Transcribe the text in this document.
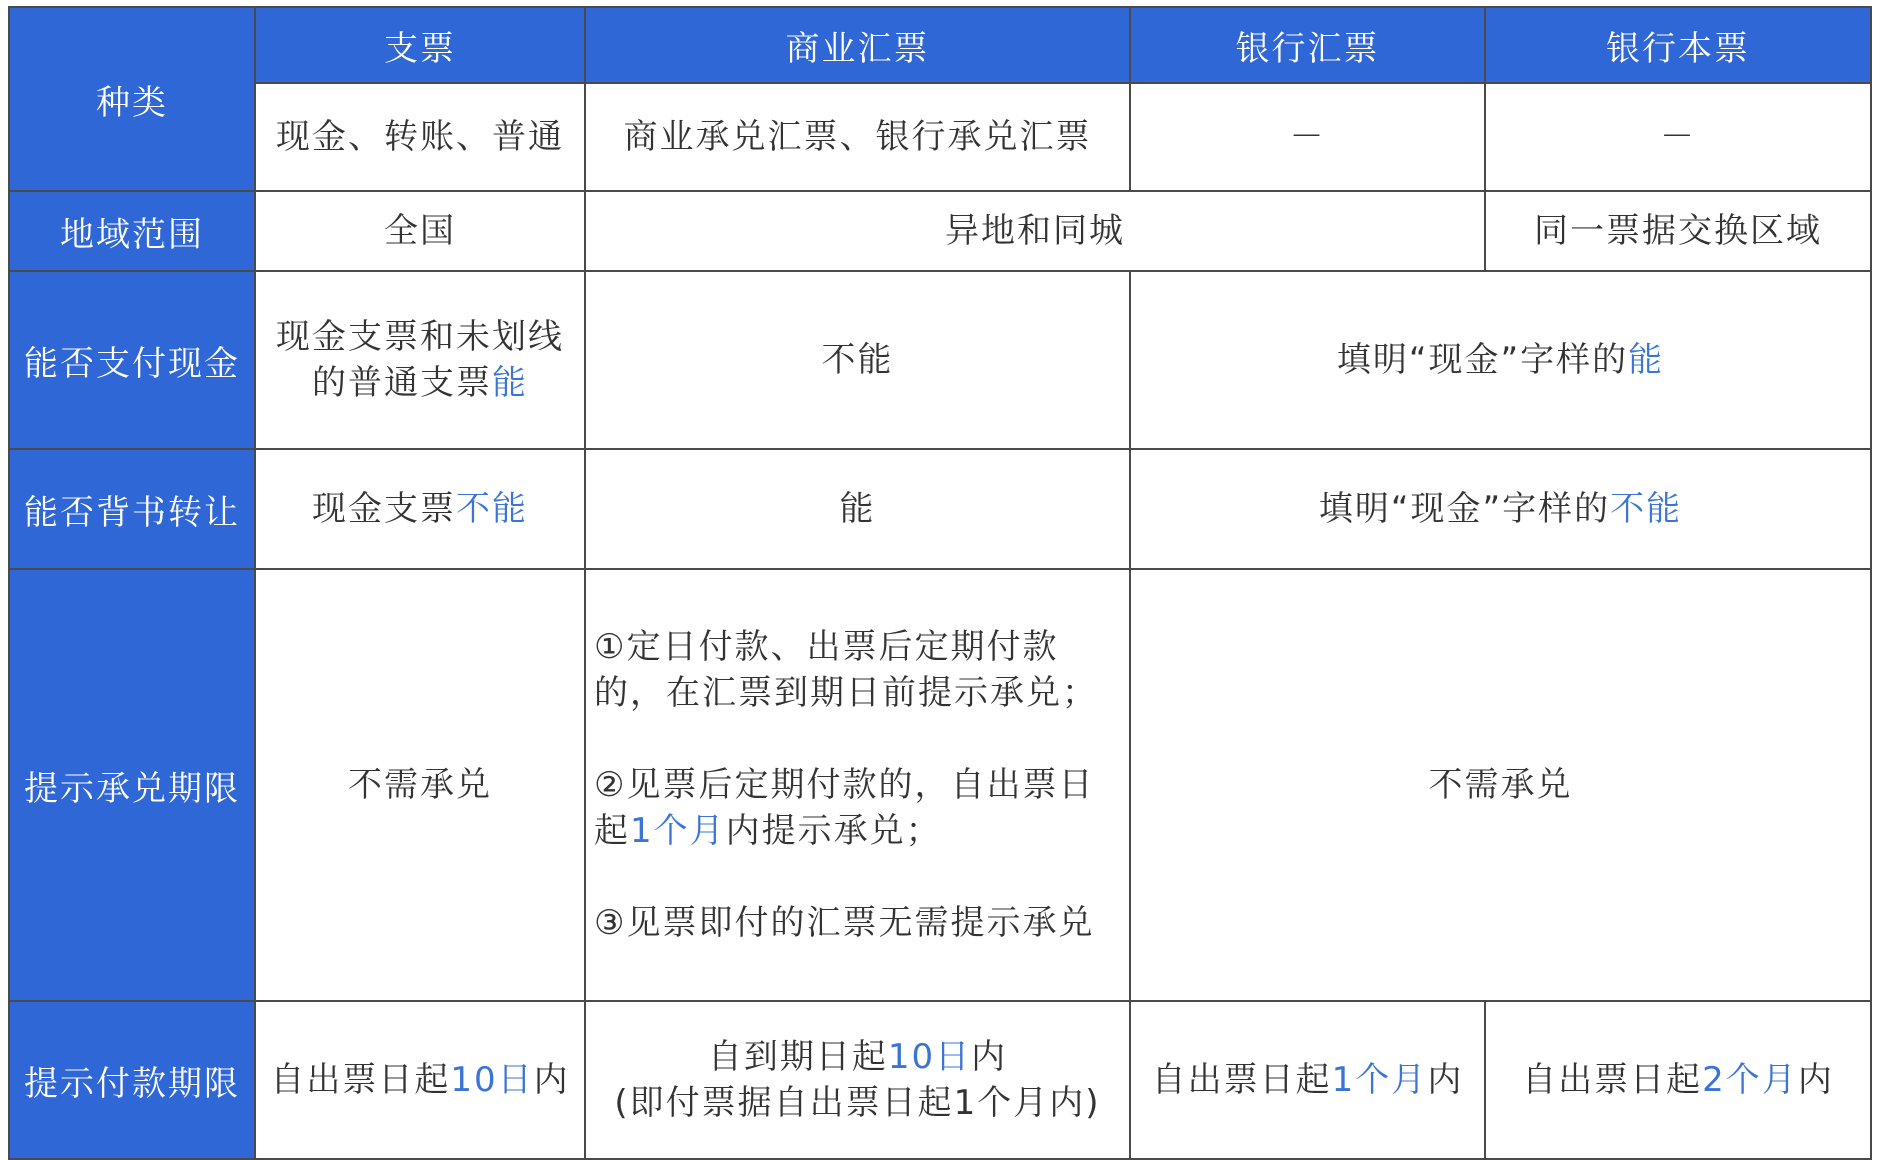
种类	支票	商业汇票	银行汇票	银行本票
	现金、转账、普通	商业承兑汇票、银行承兑汇票	－	－
地域范围	全国	异地和同城		同一票据交换区域
能否支付现金	现金支票和未划线的普通支票能	不能	填明“现金”字样的能	
能否背书转让	现金支票不能	能	填明“现金”字样的不能	
提示承兑期限	不需承兑	①定日付款、出票后定期付款的，在汇票到期日前提示承兑；
②见票后定期付款的，自出票日起1个月内提示承兑；
③见票即付的汇票无需提示承兑	不需承兑	
提示付款期限	自出票日起10日内	自到期日起10日内
(即付票据自出票日起1个月内)	自出票日起1个月内	自出票日起2个月内
